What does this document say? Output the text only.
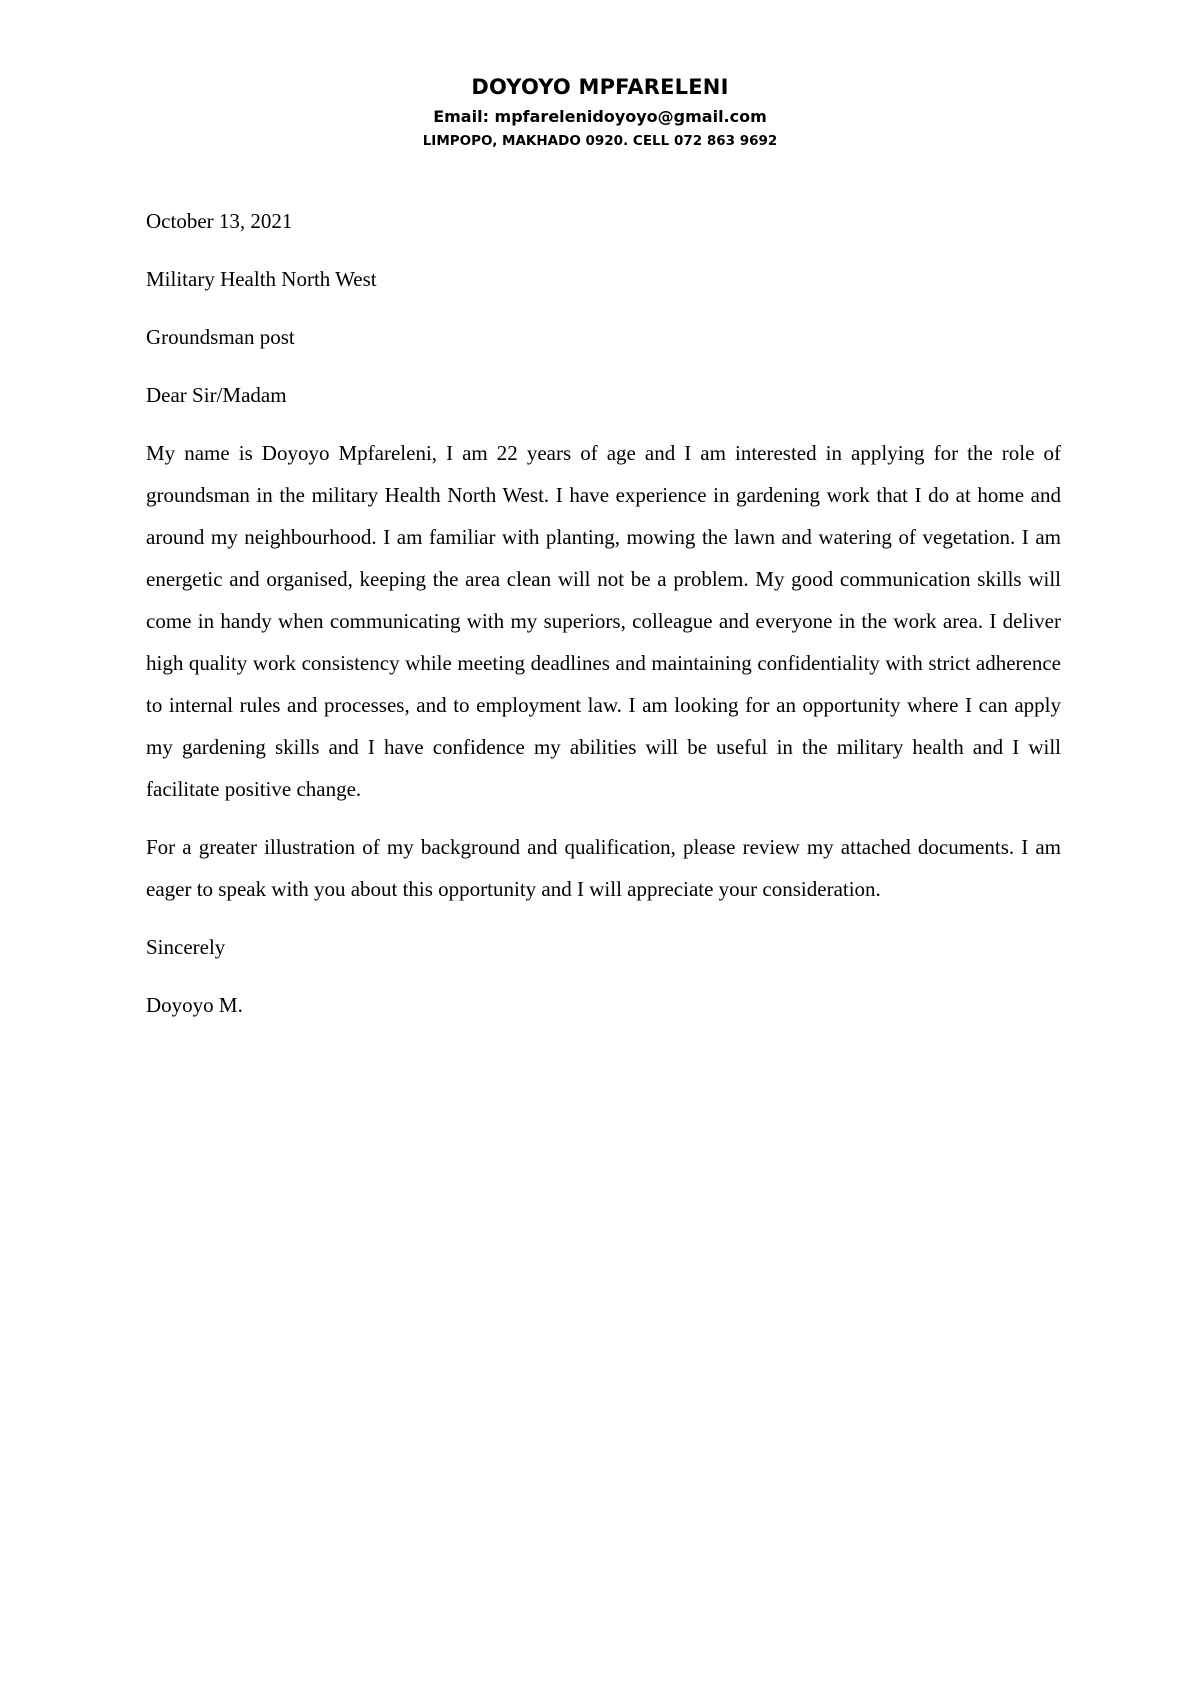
DOYOYO MPFARELENI
Email: mpfarelenidoyoyo@gmail.com
LIMPOPO, MAKHADO 0920. CELL 072 863 9692

October 13, 2021

Military Health North West

Groundsman post

Dear Sir/Madam

My name is Doyoyo Mpfareleni, I am 22 years of age and I am interested in applying for the role of groundsman in the military Health North West. I have experience in gardening work that I do at home and around my neighbourhood. I am familiar with planting, mowing the lawn and watering of vegetation. I am energetic and organised, keeping the area clean will not be a problem. My good communication skills will come in handy when communicating with my superiors, colleague and everyone in the work area. I deliver high quality work consistency while meeting deadlines and maintaining confidentiality with strict adherence to internal rules and processes, and to employment law. I am looking for an opportunity where I can apply my gardening skills and I have confidence my abilities will be useful in the military health and I will facilitate positive change.

For a greater illustration of my background and qualification, please review my attached documents. I am eager to speak with you about this opportunity and I will appreciate your consideration.

Sincerely

Doyoyo M.
